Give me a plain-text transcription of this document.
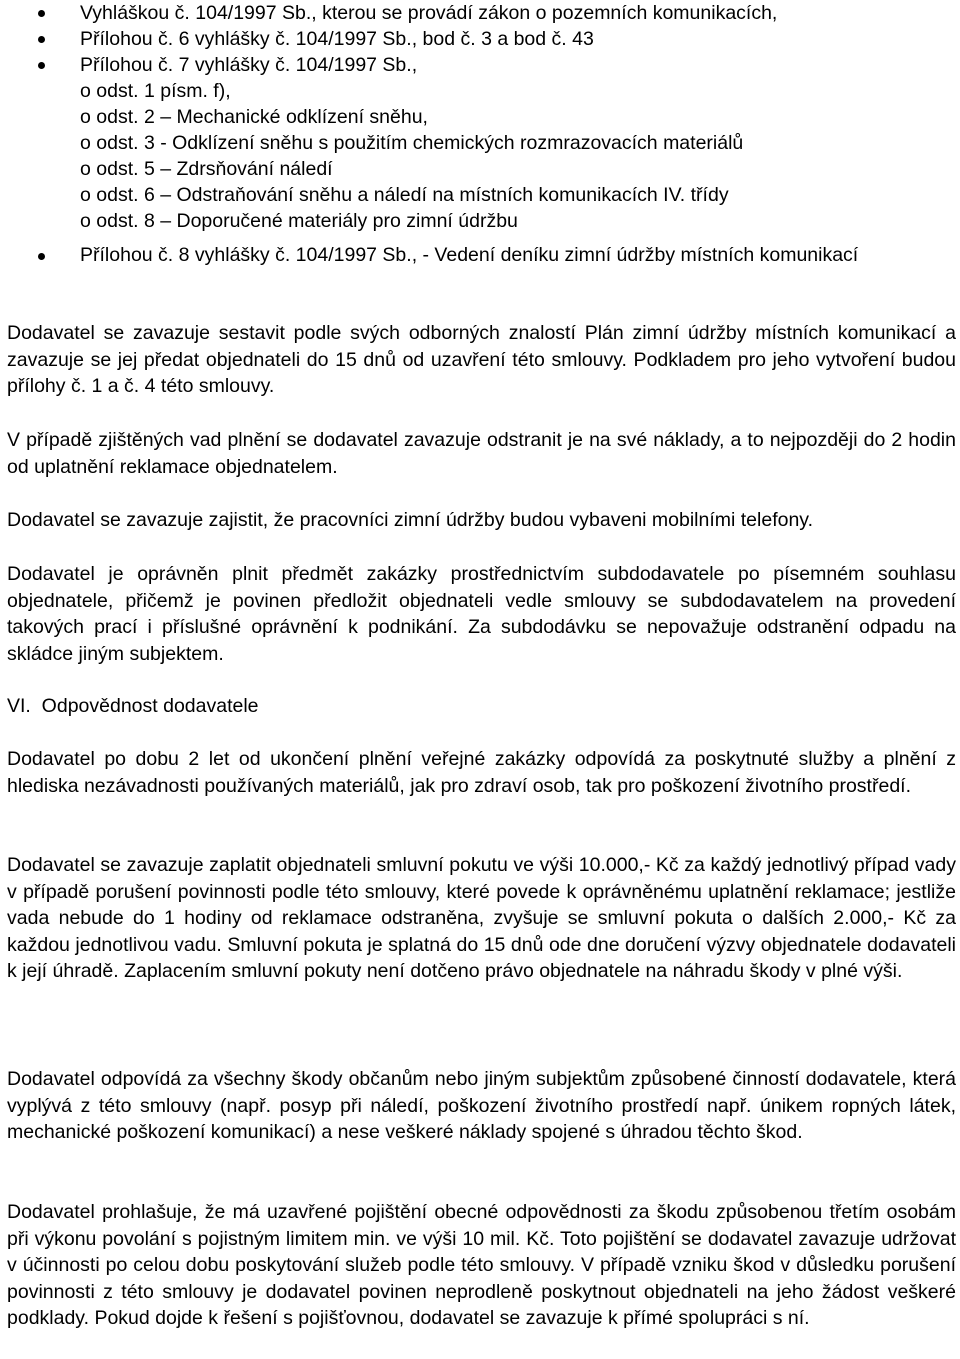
Vyhláškou č. 104/1997 Sb., kterou se provádí zákon o pozemních komunikacích,
Přílohou č. 6 vyhlášky č. 104/1997 Sb., bod č. 3 a bod č. 43
Přílohou č. 7 vyhlášky č. 104/1997 Sb.,
o odst. 1 písm. f),
o odst. 2 – Mechanické odklízení sněhu,
o odst. 3 - Odklízení sněhu s použitím chemických rozmrazovacích materiálů
o odst. 5 – Zdrsňování náledí
o odst. 6 – Odstraňování sněhu a náledí na místních komunikacích IV. třídy
o odst. 8 – Doporučené materiály pro zimní údržbu
Přílohou č. 8 vyhlášky č. 104/1997 Sb., - Vedení deníku zimní údržby místních komunikací

Dodavatel se zavazuje sestavit podle svých odborných znalostí Plán zimní údržby místních komunikací a zavazuje se jej předat objednateli do 15 dnů od uzavření této smlouvy. Podkladem pro jeho vytvoření budou přílohy č. 1 a č. 4 této smlouvy.

V případě zjištěných vad plnění se dodavatel zavazuje odstranit je na své náklady, a to nejpozději do 2 hodin od uplatnění reklamace objednatelem.

Dodavatel se zavazuje zajistit, že pracovníci zimní údržby budou vybaveni mobilními telefony.

Dodavatel je oprávněn plnit předmět zakázky prostřednictvím subdodavatele po písemném souhlasu objednatele, přičemž je povinen předložit objednateli vedle smlouvy se subdodavatelem na provedení takových prací i příslušné oprávnění k podnikání. Za subdodávku se nepovažuje odstranění odpadu na skládce jiným subjektem.

VI.  Odpovědnost dodavatele

Dodavatel po dobu 2 let od ukončení plnění veřejné zakázky odpovídá za poskytnuté služby a plnění z hlediska nezávadnosti používaných materiálů, jak pro zdraví osob, tak pro poškození životního prostředí.

Dodavatel se zavazuje zaplatit objednateli smluvní pokutu ve výši 10.000,- Kč za každý jednotlivý případ vady v případě porušení povinnosti podle této smlouvy, které povede k oprávněnému uplatnění reklamace; jestliže vada nebude do 1 hodiny od reklamace odstraněna, zvyšuje se smluvní pokuta o dalších 2.000,- Kč za každou jednotlivou vadu. Smluvní pokuta je splatná do 15 dnů ode dne doručení výzvy objednatele dodavateli k její úhradě. Zaplacením smluvní pokuty není dotčeno právo objednatele na náhradu škody v plné výši.

Dodavatel odpovídá za všechny škody občanům nebo jiným subjektům způsobené činností dodavatele, která vyplývá z této smlouvy (např. posyp při náledí, poškození životního prostředí např. únikem ropných látek, mechanické poškození komunikací) a nese veškeré náklady spojené s úhradou těchto škod.

Dodavatel prohlašuje, že má uzavřené pojištění obecné odpovědnosti za škodu způsobenou třetím osobám při výkonu povolání s pojistným limitem min. ve výši 10 mil. Kč. Toto pojištění se dodavatel zavazuje udržovat v účinnosti po celou dobu poskytování služeb podle této smlouvy. V případě vzniku škod v důsledku porušení povinnosti z této smlouvy je dodavatel povinen neprodleně poskytnout objednateli na jeho žádost veškeré podklady. Pokud dojde k řešení s pojišťovnou, dodavatel se zavazuje k přímé spolupráci s ní.
